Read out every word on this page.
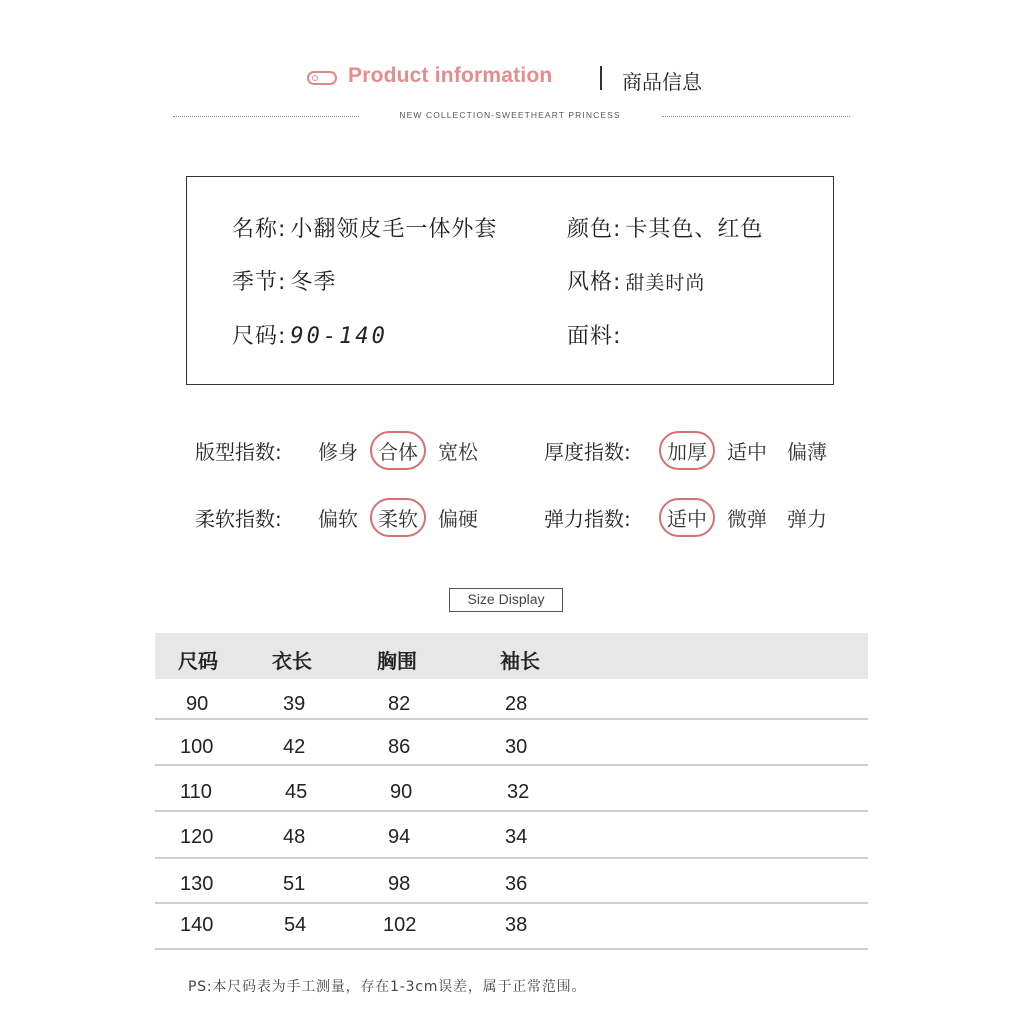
Product information	商品信息
NEW COLLECTION-SWEETHEART PRINCESS
名称: 小翻领皮毛一体外套	颜色: 卡其色、红色
季节: 冬季	风格: 甜美时尚
尺码: 90-140	面料:
版型指数: 修身	合体	宽松	厚度指数:	加厚	适中 偏薄
柔软指数: 偏软	柔软	偏硬	弹力指数:	适中	微弹 弹力
Size Display
尺码	衣长	胸围	袖长
90	39	82	28
100	42	86	30
110	45	90	32
120	48	94	34
130	51	98	36
140	54	102	38
PS:本尺码表为手工测量，存在1-3cm误差，属于正常范围。
